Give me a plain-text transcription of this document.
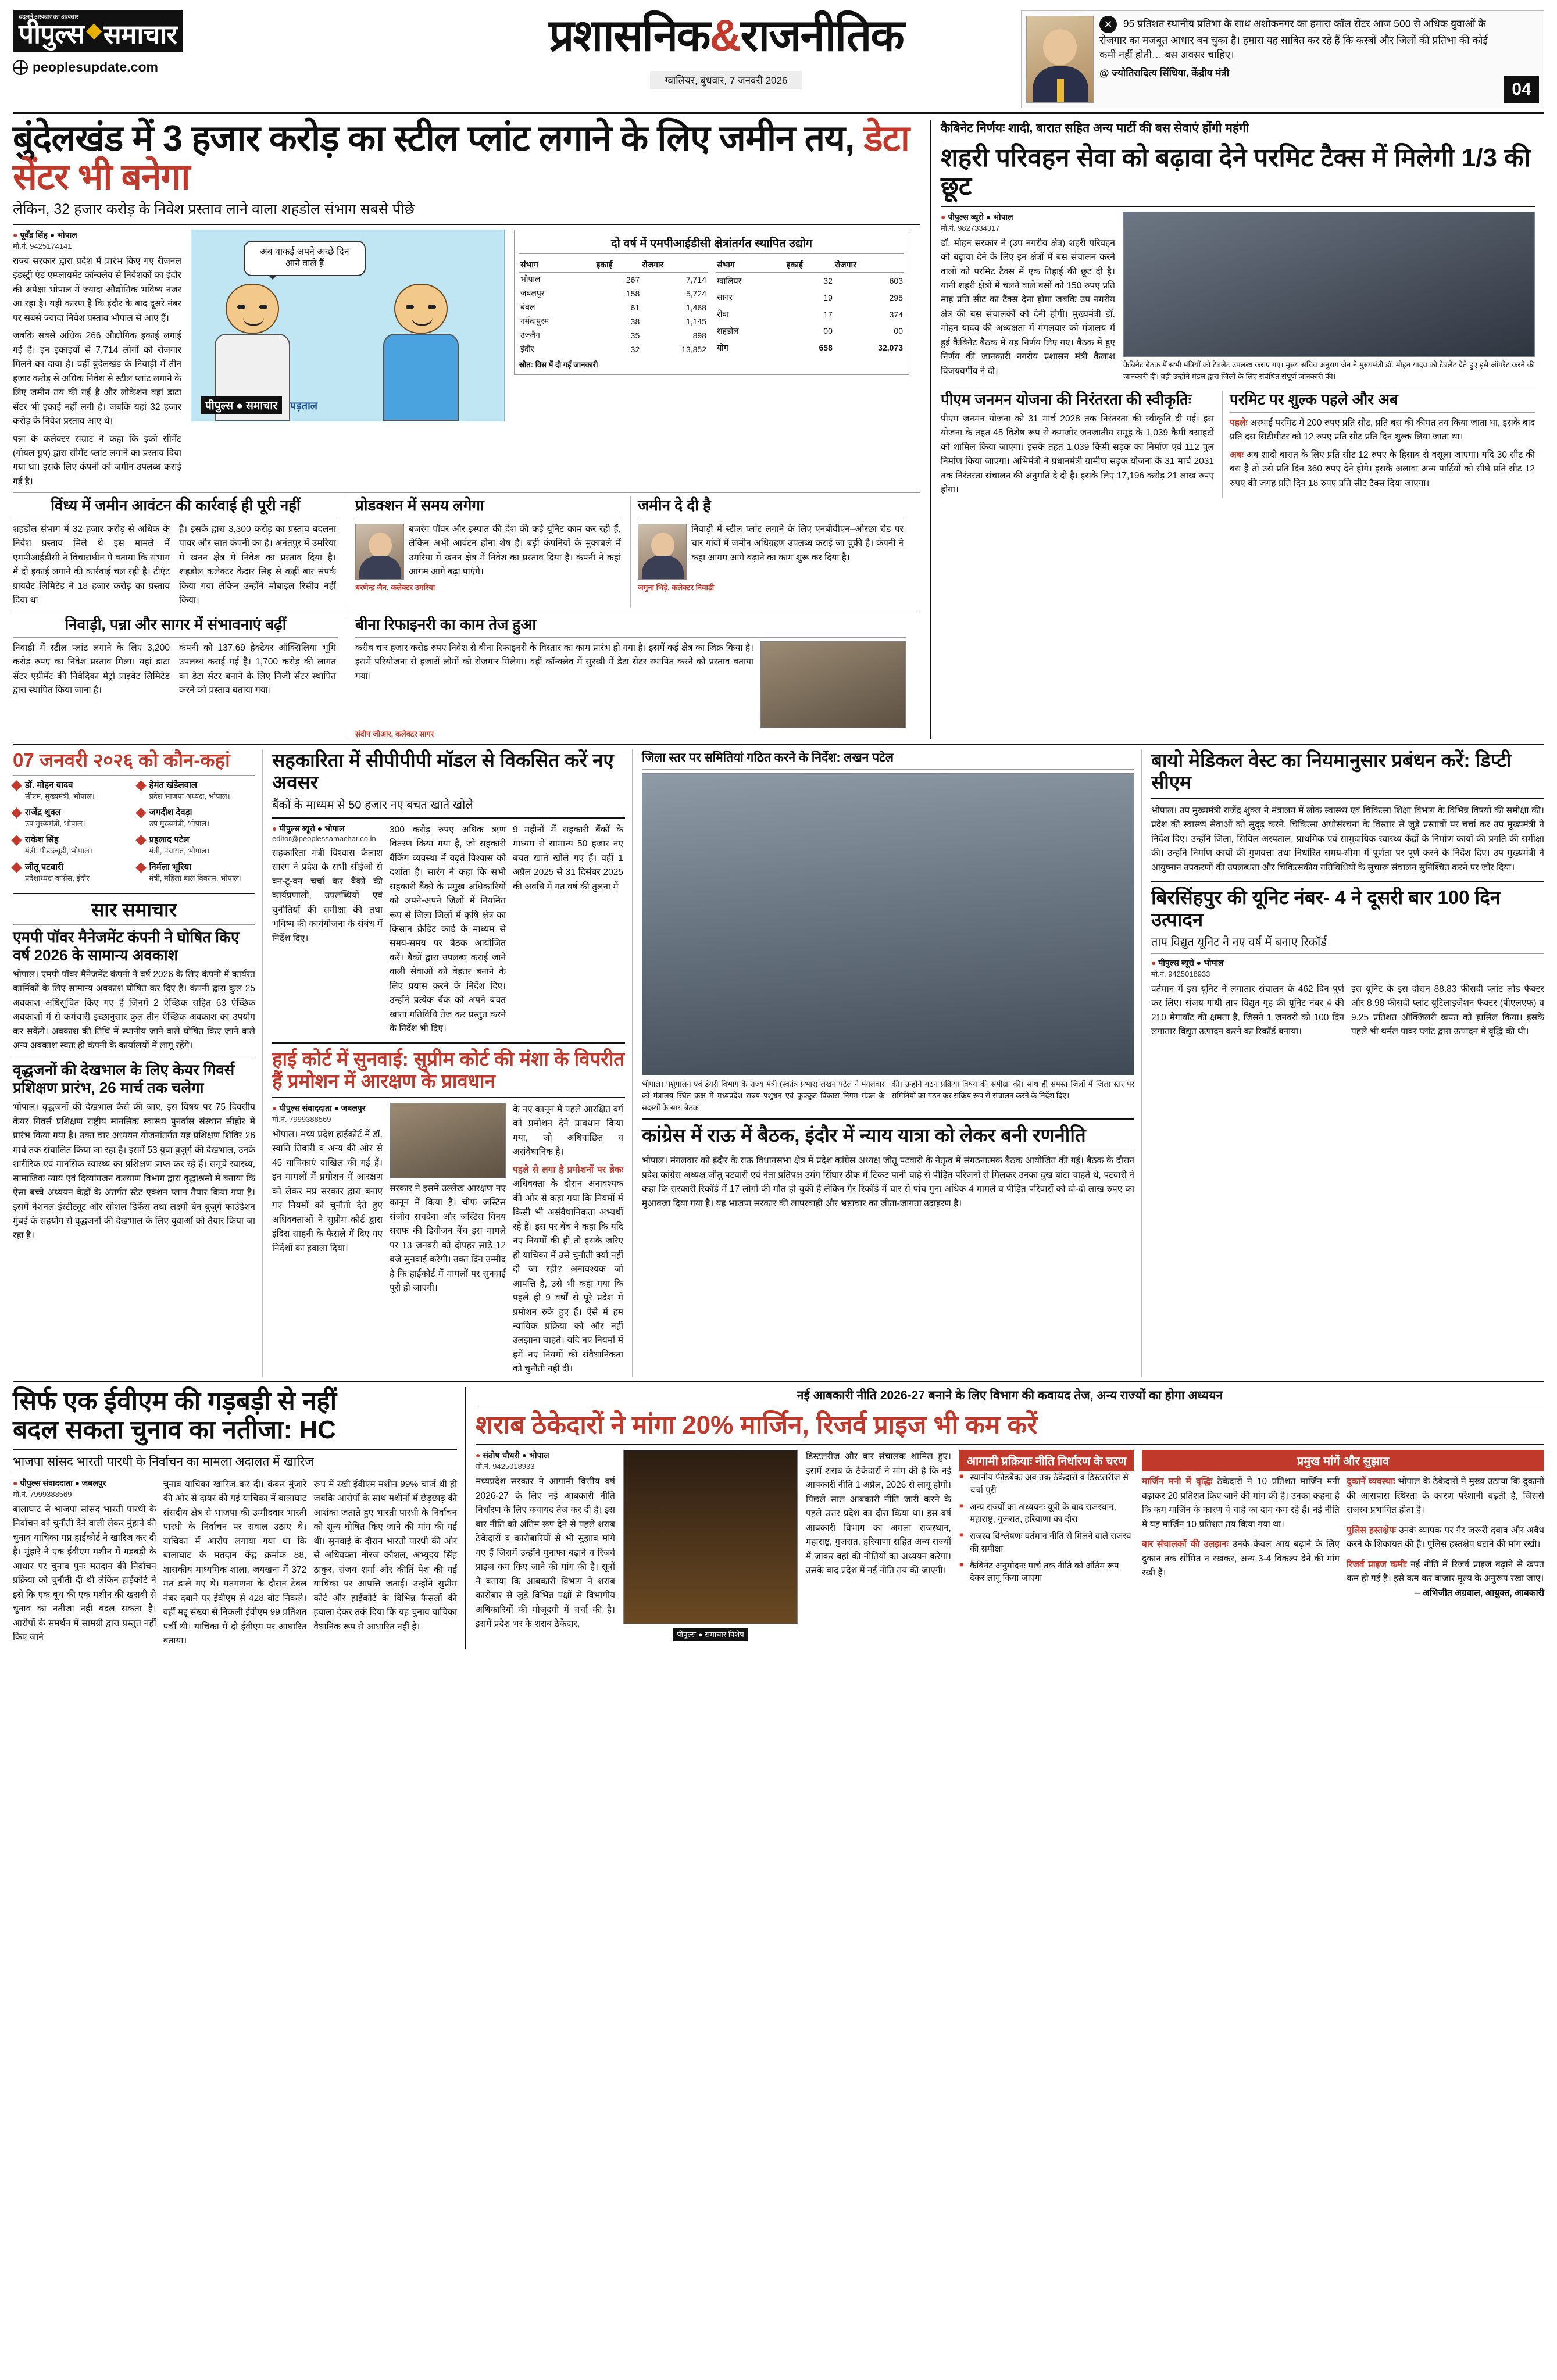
बदलते अखबार का अखबार
पीपुल्स ◆ समाचार
peoplesupdate.com
प्रशासनिक&राजनीतिक
ग्वालियर, बुधवार, 7 जनवरी 2026
✕ 95 प्रतिशत स्थानीय प्रतिभा के साथ अशोकनगर का हमारा कॉल सेंटर आज 500 से अधिक युवाओं के रोजगार का मजबूत आधार बन चुका है। हमारा यह साबित कर रहे हैं कि कस्बों और जिलों की प्रतिभा की कोई कमी नहीं होती… बस अवसर चाहिए।
@ ज्योतिरादित्य सिंधिया, केंद्रीय मंत्री
04
बुंदेलखंड में 3 हजार करोड़ का स्टील प्लांट लगाने के लिए जमीन तय, डेटा सेंटर भी बनेगा
लेकिन, 32 हजार करोड़ के निवेश प्रस्ताव लाने वाला शहडोल संभाग सबसे पीछे
● पूर्वेंद्र सिंह ● भोपाल
मो.नं. 9425174141
राज्य सरकार द्वारा प्रदेश में प्रारंभ किए गए रीजनल इंडस्ट्री एंड एम्प्लायमेंट कॉन्क्लेव से निवेशकों का इंदौर की अपेक्षा भोपाल में ज्यादा औद्योगिक भविष्य नजर आ रहा है। यही कारण है कि इंदौर के बाद दूसरे नंबर पर सबसे ज्यादा निवेश प्रस्ताव भोपाल से आए हैं।
जबकि सबसे अधिक 266 औद्योगिक इकाई लगाई गईं हैं। इन इकाइयों से 7,714 लोगों को रोजगार मिलने का दावा है। वहीं बुंदेलखंड के निवाड़ी में तीन हजार करोड़ से अधिक निवेश से स्टील प्लांट लगाने के लिए जमीन तय की गई है और लोकेशन वहां डाटा सेंटर भी इकाई नहीं लगी है। जबकि यहां 32 हजार करोड़ के निवेश प्रस्ताव आए थे।
पन्ना के कलेक्टर सम्राट ने कहा कि इको सीमेंट (गोयल ग्रुप) द्वारा सीमेंट प्लांट लगाने का प्रस्ताव दिया गया था। इसके लिए कंपनी को जमीन उपलब्ध कराई गई है।
अब वाकई अपने अच्छे दिन आने वाले हैं
पीपुल्स ● समाचार	पड़ताल
दो वर्ष में एमपीआईडीसी क्षेत्रांतर्गत स्थापित उद्योग
संभाग	इकाई	रोजगार
भोपाल	267	7,714
जबलपुर	158	5,724
बंबल	61	1,468
नर्मदापुरम	38	1,145
उज्जैन	35	898
इंदौर	32	13,852
संभाग	इकाई	रोजगार
ग्वालियर	32	603
सागर	19	295
रीवा	17	374
शहडोल	00	00
योग	658	32,073
स्रोत: विस में दी गई जानकारी
विंध्य में जमीन आवंटन की कार्रवाई ही पूरी नहीं
शहडोल संभाग में 32 हजार करोड़ से अधिक के निवेश प्रस्ताव मिले थे इस मामले में एमपीआईडीसी ने विचाराधीन में बताया कि संभाग में दो इकाई लगाने की कार्रवाई चल रही है। टीएंट प्रायवेट लिमिटेड ने 18 हजार करोड़ का प्रस्ताव दिया था
है। इसके द्वारा 3,300 करोड़ का प्रस्ताव बदलना पावर और सात कंपनी का है। अनंतपुर में उमरिया में खनन क्षेत्र में निवेश का प्रस्ताव दिया है। शहडोल कलेक्टर केदार सिंह से कहीं बार संपर्क किया गया लेकिन उन्होंने मोबाइल रिसीव नहीं किया।
प्रोडक्शन में समय लगेगा
बजरंग पॉवर और इस्पात की देश की कई यूनिट काम कर रही हैं, लेकिन अभी आवंटन होना शेष है। बड़ी कंपनियों के मुकाबले में उमरिया में खनन क्षेत्र में निवेश का प्रस्ताव दिया है। कंपनी ने कहां आगम आगे बढ़ा पाएंगे।
धरणेन्द्र जैन, कलेक्टर उमरिया
जमीन दे दी है
निवाड़ी में स्टील प्लांट लगाने के लिए एनबीवीएन–ओरछा रोड पर चार गांवों में जमीन अधिग्रहण उपलब्ध कराई जा चुकी है। कंपनी ने कहा आगम आगे बढ़ाने का काम शुरू कर दिया है।
जमुना भिड़े, कलेक्टर निवाड़ी
निवाड़ी, पन्ना और सागर में संभावनाएं बढ़ीं
निवाड़ी में स्टील प्लांट लगाने के लिए 3,200 करोड़ रुपए का निवेश प्रस्ताव मिला। यहां डाटा सेंटर एग्रीमेंट की निवेदिका मेट्रो प्राइवेट लिमिटेड द्वारा स्थापित किया जाना है।
कंपनी को 137.69 हेक्टेयर ऑक्सिलिया भूमि उपलब्ध कराई गई है। 1,700 करोड़ की लागत का डेटा सेंटर बनाने के लिए निजी सेंटर स्थापित करने को प्रस्ताव बताया गया।
बीना रिफाइनरी का काम तेज हुआ
करीब चार हजार करोड़ रुपए निवेश से बीना रिफाइनरी के विस्तार का काम प्रारंभ हो गया है। इसमें कई क्षेत्र का जिक्र किया है। इसमें परियोजना से हजारों लोगों को रोजगार मिलेगा। वहीं कॉन्क्लेव में सुरखी में डेटा सेंटर स्थापित करने को प्रस्ताव बताया गया।
संदीप जीआर, कलेक्टर सागर
कैबिनेट निर्णयः शादी, बारात सहित अन्य पार्टी की बस सेवाएं होंगी महंगी
शहरी परिवहन सेवा को बढ़ावा देने परमिट टैक्स में मिलेगी 1/3 की छूट
● पीपुल्स ब्यूरो ● भोपाल
मो.नं. 9827334317
डॉ. मोहन सरकार ने (उप नगरीय क्षेत्र) शहरी परिवहन को बढ़ावा देने के लिए इन क्षेत्रों में बस संचालन करने वालों को परमिट टैक्स में एक तिहाई की छूट दी है। यानी शहरी क्षेत्रों में चलने वाले बसों को 150 रुपए प्रति माह प्रति सीट का टैक्स देना होगा जबकि उप नगरीय क्षेत्र की बस संचालकों को देनी होगी। मुख्यमंत्री डॉ. मोहन यादव की अध्यक्षता में मंगलवार को मंत्रालय में हुई कैबिनेट बैठक में यह निर्णय लिए गए। बैठक में हुए निर्णय की जानकारी नगरीय प्रशासन मंत्री कैलाश विजयवर्गीय ने दी।
कैबिनेट बैठक में सभी मंत्रियों को टैबलेट उपलब्ध कराए गए। मुख्य सचिव अनुराग जैन ने मुख्यमंत्री डॉ. मोहन यादव को टैबलेट देते हुए इसे ऑपरेट करने की जानकारी दी। वहीं उन्होंने मंडल द्वारा जिलों के लिए संबंधित संपूर्ण जानकारी की।
पीएम जनमन योजना की निरंतरता की स्वीकृतिः
पीएम जनमन योजना को 31 मार्च 2028 तक निरंतरता की स्वीकृति दी गई। इस योजना के तहत 45 विशेष रूप से कमजोर जनजातीय समूह के 1,039 कैमी बसाहटों को शामिल किया जाएगा। इसके तहत 1,039 किमी सड़क का निर्माण एवं 112 पुल निर्माण किया जाएगा। अभिमंत्री ने प्रधानमंत्री ग्रामीण सड़क योजना के 31 मार्च 2031 तक निरंतरता संचालन की अनुमति दे दी है। इसके लिए 17,196 करोड़ 21 लाख रुपए होगा।
परमिट पर शुल्क पहले और अब
पहलेः अस्थाई परमिट में 200 रुपए प्रति सीट, प्रति बस की कीमत तय किया जाता था, इसके बाद प्रति दस सिटीमीटर को 12 रुपए प्रति सीट प्रति दिन शुल्क लिया जाता था।
अबः अब शादी बारात के लिए प्रति सीट 12 रुपए के हिसाब से वसूला जाएगा। यदि 30 सीट की बस है तो उसे प्रति दिन 360 रुपए देने होंगे। इसके अलावा अन्य पार्टियों को सीधे प्रति सीट 12 रुपए की जगह प्रति दिन 18 रुपए प्रति सीट टैक्स दिया जाएगा।
07 जनवरी २०२६ को कौन-कहां
डॉ. मोहन यादव
सीएम, मुख्यमंत्री, भोपाल।
राजेंद्र शुक्ल
उप मुख्यमंत्री, भोपाल।
राकेश सिंह
मंत्री, पीडब्ल्यूडी, भोपाल।
जीतू पटवारी
प्रदेशाध्यक्ष कांग्रेस, इंदौर।
हेमंत खंडेलवाल
प्रदेश भाजपा अध्यक्ष, भोपाल।
जगदीश देवड़ा
उप मुख्यमंत्री, भोपाल।
प्रहलाद पटेल
मंत्री, पंचायत, भोपाल।
निर्मला भूरिया
मंत्री, महिला बाल विकास, भोपाल।
सार समाचार
एमपी पॉवर मैनेजमेंट कंपनी ने घोषित किए वर्ष 2026 के सामान्य अवकाश
भोपाल। एमपी पॉवर मैनेजमेंट कंपनी ने वर्ष 2026 के लिए कंपनी में कार्यरत कार्मिकों के लिए सामान्य अवकाश घोषित कर दिए हैं। कंपनी द्वारा कुल 25 अवकाश अधिसूचित किए गए हैं जिनमें 2 ऐच्छिक सहित 63 ऐच्छिक अवकाशों में से कर्मचारी इच्छानुसार कुल तीन ऐच्छिक अवकाश का उपयोग कर सकेंगे। अवकाश की तिथि में स्थानीय जाने वाले घोषित किए जाने वाले अन्य अवकाश स्वतः ही कंपनी के कार्यालयों में लागू रहेंगे।
वृद्धजनों की देखभाल के लिए केयर गिवर्स प्रशिक्षण प्रारंभ, 26 मार्च तक चलेगा
भोपाल। वृद्धजनों की देखभाल कैसे की जाए, इस विषय पर 75 दिवसीय केयर गिवर्स प्रशिक्षण राष्ट्रीय मानसिक स्वास्थ्य पुनर्वास संस्थान सीहोर में प्रारंभ किया गया है। उक्त चार अध्ययन योजनांतर्गत यह प्रशिक्षण शिविर 26 मार्च तक संचालित किया जा रहा है। इसमें 53 युवा बुजुर्ग की देखभाल, उनके शारीरिक एवं मानसिक स्वास्थ्य का प्रशिक्षण प्राप्त कर रहे हैं। समूचे स्वास्थ्य, सामाजिक न्याय एवं दिव्यांगजन कल्याण विभाग द्वारा वृद्धाश्रमों में बनाया कि ऐसा बच्चे अध्ययन केंद्रों के अंतर्गत स्टेट एक्शन प्लान तैयार किया गया है। इसमें नेशनल इंस्टीट्यूट और सोशल डिफेंस तथा लक्ष्मी बेन बुजुर्ग फाउंडेशन मुंबई के सहयोग से वृद्धजनों की देखभाल के लिए युवाओं को तैयार किया जा रहा है।
सहकारिता में सीपीपीपी मॉडल से विकसित करें नए अवसर
बैंकों के माध्यम से 50 हजार नए बचत खाते खोले
● पीपुल्स ब्यूरो ● भोपाल
editor@peoplessamachar.co.in
सहकारिता मंत्री विश्वास कैलाश सारंग ने प्रदेश के सभी सीईओ से वन-टू-वन चर्चा कर बैंकों की कार्यप्रणाली, उपलब्धियों एवं चुनौतियों की समीक्षा की तथा भविष्य की कार्ययोजना के संबंध में निर्देश दिए।
300 करोड़ रुपए अधिक ऋण वितरण किया गया है, जो सहकारी बैंकिंग व्यवस्था में बढ़ते विश्वास को दर्शाता है। सारंग ने कहा कि सभी सहकारी बैंकों के प्रमुख अधिकारियों को अपने-अपने जिलों में नियमित रूप से जिला जिलों में कृषि क्षेत्र का किसान क्रेडिट कार्ड के माध्यम से समय-समय पर बैठक आयोजित करें। बैंकों द्वारा उपलब्ध कराई जाने वाली सेवाओं को बेहतर बनाने के लिए प्रयास करने के निर्देश दिए। उन्होंने प्रत्येक बैंक को अपने बचत खाता गतिविधि तेज कर प्रस्तुत करने के निर्देश भी दिए।
9 महीनों में सहकारी बैंकों के माध्यम से सामान्य 50 हजार नए बचत खाते खोले गए हैं। वहीं 1 अप्रैल 2025 से 31 दिसंबर 2025 की अवधि में गत वर्ष की तुलना में
हाई कोर्ट में सुनवाई: सुप्रीम कोर्ट की मंशा के विपरीत हैं प्रमोशन में आरक्षण के प्रावधान
● पीपुल्स संवाददाता ● जबलपुर
मो.नं. 7999388569
भोपाल। मध्य प्रदेश हाईकोर्ट में डॉ. स्वाति तिवारी व अन्य की ओर से 45 याचिकाएं दाखिल की गई हैं। इन मामलों में प्रमोशन में आरक्षण को लेकर मप्र सरकार द्वारा बनाए गए नियमों को चुनौती देते हुए अधिवक्ताओं ने सुप्रीम कोर्ट द्वारा इंदिरा साहनी के फैसले में दिए गए निर्देशों का हवाला दिया।
सरकार ने इसमें उल्लेख आरक्षण नए कानून में किया है। चीफ जस्टिस संजीव सचदेवा और जस्टिस विनय सराफ की डिवीजन बेंच इस मामले पर 13 जनवरी को दोपहर साढ़े 12 बजे सुनवाई करेगी। उक्त दिन उम्मीद है कि हाईकोर्ट में मामलों पर सुनवाई पूरी हो जाएगी।
के नए कानून में पहले आरक्षित वर्ग को प्रमोशन देने प्रावधान किया गया, जो अधिवांछित व असंवैधानिक है।
पहले से लगा है प्रमोशनों पर ब्रेकः अधिवक्ता के दौरान अनावश्यक की ओर से कहा गया कि नियमों में किसी भी असंवैधानिकता अभ्यर्थी रहे हैं। इस पर बेंच ने कहा कि यदि नए नियमों की ही तो इसके जरिए ही याचिका में उसे चुनौती क्यों नहीं दी जा रही? अनावश्यक जो आपत्ति है, उसे भी कहा गया कि पहले ही 9 वर्षों से पूरे प्रदेश में प्रमोशन रुके हुए हैं। ऐसे में हम न्यायिक प्रक्रिया को और नहीं उलझाना चाहते। यदि नए नियमों में हमें नए नियमों की संवैधानिकता को चुनौती नहीं दी।
जिला स्तर पर समितियां गठित करने के निर्देश: लखन पटेल
भोपाल। पशुपालन एवं डेयरी विभाग के राज्य मंत्री (स्वतंत्र प्रभार) लखन पटेल ने मंगलवार को मंत्रालय स्थित कक्ष में मध्यप्रदेश राज्य पशुधन एवं कुक्कुट विकास निगम मंडल के सदस्यों के साथ बैठक
की। उन्होंने गठन प्रक्रिया विषय की समीक्षा की। साथ ही समस्त जिलों में जिला स्तर पर समितियों का गठन कर सक्रिय रूप से संचालन करने के निर्देश दिए।
कांग्रेस में राऊ में बैठक, इंदौर में न्याय यात्रा को लेकर बनी रणनीति
भोपाल। मंगलवार को इंदौर के राऊ विधानसभा क्षेत्र में प्रदेश कांग्रेस अध्यक्ष जीतू पटवारी के नेतृत्व में संगठनात्मक बैठक आयोजित की गई। बैठक के दौरान प्रदेश कांग्रेस अध्यक्ष जीतू पटवारी एवं नेता प्रतिपक्ष उमंग सिंघार ठीक में टिकट पानी चाहे से पीड़ित परिजनों से मिलकर उनका दुख बांटा चाहते थे, पटवारी ने कहा कि सरकारी रिकॉर्ड में 17 लोगों की मौत हो चुकी है लेकिन गैर रिकॉर्ड में चार से पांच गुना अधिक 4 मामले व पीड़ित परिवारों को दो-दो लाख रुपए का मुआवजा दिया गया है। यह भाजपा सरकार की लापरवाही और भ्रष्टाचार का जीता-जागता उदाहरण है।
बायो मेडिकल वेस्ट का नियमानुसार प्रबंधन करें: डिप्टी सीएम
भोपाल। उप मुख्यमंत्री राजेंद्र शुक्ल ने मंत्रालय में लोक स्वास्थ्य एवं चिकित्सा शिक्षा विभाग के विभिन्न विषयों की समीक्षा की। प्रदेश की स्वास्थ्य सेवाओं को सुदृढ़ करने, चिकित्सा अधोसंरचना के विस्तार से जुड़े प्रस्तावों पर चर्चा कर उप मुख्यमंत्री ने निर्देश दिए। उन्होंने जिला, सिविल अस्पताल, प्राथमिक एवं सामुदायिक स्वास्थ्य केंद्रों के निर्माण कार्यों की प्रगति की समीक्षा की। उन्होंने निर्माण कार्यों की गुणवत्ता तथा निर्धारित समय-सीमा में पूर्णता पर पूर्ण करने के निर्देश दिए। उप मुख्यमंत्री ने आयुष्मान उपकरणों की उपलब्धता और चिकित्सकीय गतिविधियों के सुचारू संचालन सुनिश्चित करने पर जोर दिया।
बिरसिंहपुर की यूनिट नंबर- 4 ने दूसरी बार 100 दिन उत्पादन
ताप विद्युत यूनिट ने नए वर्ष में बनाए रिकॉर्ड
● पीपुल्स ब्यूरो ● भोपाल
मो.नं. 9425018933
वर्तमान में इस यूनिट ने लगातार संचालन के 462 दिन पूर्ण कर लिए। संजय गांधी ताप विद्युत गृह की यूनिट नंबर 4 की 210 मेगावॉट की क्षमता है, जिसने 1 जनवरी को 100 दिन लगातार विद्युत उत्पादन करने का रिकॉर्ड बनाया।
इस यूनिट के इस दौरान 88.83 फीसदी प्लांट लोड फैक्टर और 8.98 फीसदी प्लांट यूटिलाइजेशन फैक्टर (पीएलएफ) व 9.25 प्रतिशत ऑक्जिलरी खपत को हासिल किया। इसके पहले भी थर्मल पावर प्लांट द्वारा उत्पादन में वृद्धि की थी।
सिर्फ एक ईवीएम की गड़बड़ी से नहीं
बदल सकता चुनाव का नतीजा: HC
भाजपा सांसद भारती पारधी के निर्वाचन का मामला अदालत में खारिज
● पीपुल्स संवाददाता ● जबलपुर
मो.नं. 7999388569
बालाघाट से भाजपा सांसद भारती पारधी के निर्वाचन को चुनौती देने वाली लेकर मुंहाने की चुनाव याचिका मप्र हाईकोर्ट ने खारिज कर दी है। मुंहारे ने एक ईवीएम मशीन में गड़बड़ी के आधार पर चुनाव पुनः मतदान की निर्वाचन प्रक्रिया को चुनौती दी थी लेकिन हाईकोर्ट ने इसे कि एक बूथ की एक मशीन की खराबी से चुनाव का नतीजा नहीं बदल सकता है। आरोपों के समर्थन में सामग्री द्वारा प्रस्तुत नहीं किए जाने
चुनाव याचिका खारिज कर दी। कंकर मुंजारे की ओर से दायर की गई याचिका में बालाघाट संसदीय क्षेत्र से भाजपा की उम्मीदवार भारती पारधी के निर्वाचन पर सवाल उठाए थे। याचिका में आरोप लगाया गया था कि बालाघाट के मतदान केंद्र क्रमांक 88, शासकीय माध्यमिक शाला, जयखना में 372 मत डाले गए थे। मतगणना के दौरान टेबल नंबर दबाने पर ईवीएम से 428 वोट निकले। वहीं मद्दू संख्या से निकली ईवीएम 99 प्रतिशत पर्ची थी। याचिका में दो ईवीएम पर आधारित बताया।
रूप में रखी ईवीएम मशीन 99% चार्ज थी ही जबकि आरोपों के साथ मशीनों में छेड़छाड़ की आशंका जताते हुए भारती पारधी के निर्वाचन को शून्य घोषित किए जाने की मांग की गई थी। सुनवाई के दौरान भारती पारधी की ओर से अधिवक्ता नीरज कौशल, अभ्युदय सिंह ठाकुर, संजय शर्मा और कीर्ति पेश की गई याचिका पर आपत्ति जताई। उन्होंने सुप्रीम कोर्ट और हाईकोर्ट के विभिन्न फैसलों की हवाला देकर तर्क दिया कि यह चुनाव याचिका वैधानिक रूप से आधारित नहीं है।
नई आबकारी नीति 2026-27 बनाने के लिए विभाग की कवायद तेज, अन्य राज्यों का होगा अध्ययन
शराब ठेकेदारों ने मांगा 20% मार्जिन, रिजर्व प्राइज भी कम करें
● संतोष चौधरी ● भोपाल
मो.नं. 9425018933
मध्यप्रदेश सरकार ने आगामी वित्तीय वर्ष 2026-27 के लिए नई आबकारी नीति निर्धारण के लिए कवायद तेज कर दी है। इस बार नीति को अंतिम रूप देने से पहले शराब ठेकेदारों व कारोबारियों से भी सुझाव मांगे गए हैं जिसमें उन्होंने मुनाफा बढ़ाने व रिजर्व प्राइज कम किए जाने की मांग की है। सूत्रों ने बताया कि आबकारी विभाग ने शराब कारोबार से जुड़े विभिन्न पक्षों से विभागीय अधिकारियों की मौजूदगी में चर्चा की है। इसमें प्रदेश भर के शराब ठेकेदार,
पीपुल्स ● समाचार विशेष
डिस्टलरीज और बार संचालक शामिल हुए। इसमें शराब के ठेकेदारों ने मांग की है कि नई आबकारी नीति 1 अप्रैल, 2026 से लागू होगी। पिछले साल आबकारी नीति जारी करने के पहले उत्तर प्रदेश का दौरा किया था। इस वर्ष आबकारी विभाग का अमला राजस्थान, महाराष्ट्र, गुजरात, हरियाणा सहित अन्य राज्यों में जाकर वहां की नीतियों का अध्ययन करेगा। उसके बाद प्रदेश में नई नीति तय की जाएगी।
आगामी प्रक्रियाः नीति निर्धारण के चरण
■ स्थानीय फीडबैकः अब तक ठेकेदारों व डिस्टलरीज से चर्चा पूरी
■ अन्य राज्यों का अध्ययनः यूपी के बाद राजस्थान, महाराष्ट्र, गुजरात, हरियाणा का दौरा
■ राजस्व विश्लेषणः वर्तमान नीति से मिलने वाले राजस्व की समीक्षा
■ कैबिनेट अनुमोदनः मार्च तक नीति को अंतिम रूप देकर लागू किया जाएगा
प्रमुख मांगें और सुझाव
मार्जिन मनी में वृद्धिः ठेकेदारों ने 10 प्रतिशत मार्जिन मनी बढ़ाकर 20 प्रतिशत किए जाने की मांग की है। उनका कहना है कि कम मार्जिन के कारण वे चाहे का दाम कम रहे हैं। नई नीति में यह मार्जिन 10 प्रतिशत तय किया गया था।
बार संचालकों की उलझनः उनके केवल आय बढ़ाने के लिए दुकान तक सीमित न रखकर, अन्य 3-4 विकल्प देने की मांग रखी है।
दुकानें व्यवस्थाः भोपाल के ठेकेदारों ने मुख्य उठाया कि दुकानों की आसपास स्थिरता के कारण परेशानी बढ़ती है, जिससे राजस्व प्रभावित होता है।
पुलिस हस्तक्षेपः उनके व्यापक पर गैर जरूरी दबाव और अवैध करने के शिकायत की है। पुलिस हस्तक्षेप घटाने की मांग रखी।
रिजर्व प्राइज कमीः नई नीति में रिजर्व प्राइज बढ़ाने से खपत कम हो गई है। इसे कम कर बाजार मूल्य के अनुरूप रखा जाए।
– अभिजीत अग्रवाल, आयुक्त, आबकारी
